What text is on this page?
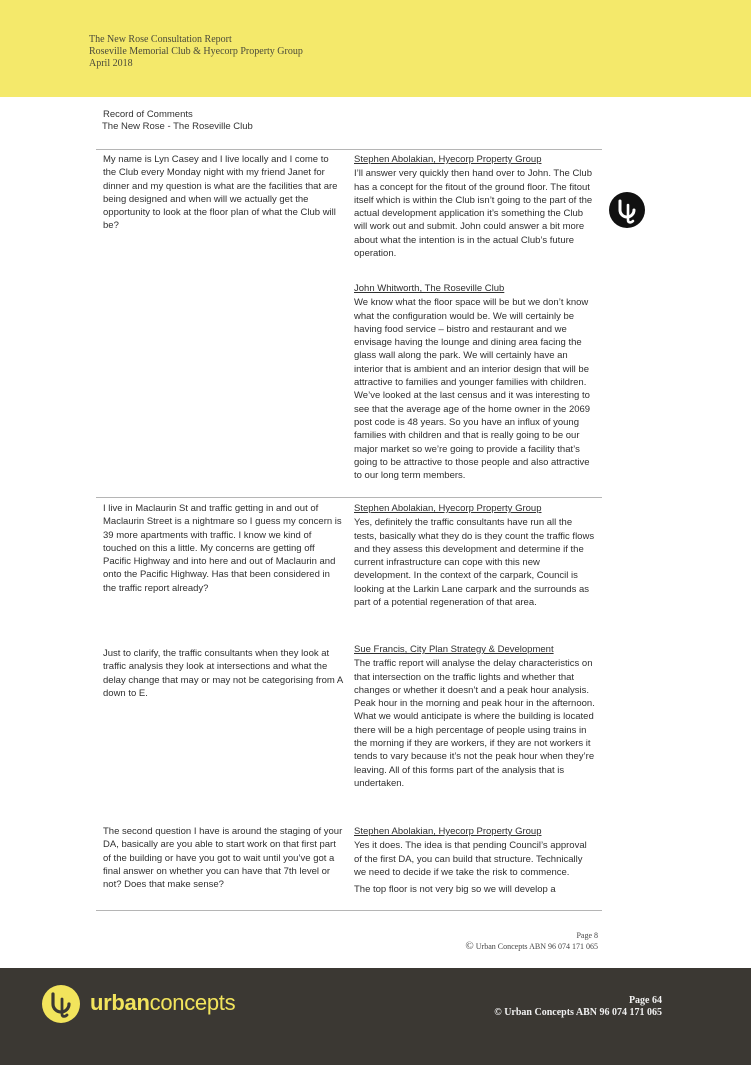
The New Rose Consultation Report
Roseville Memorial Club & Hyecorp Property Group
April 2018
Record of Comments
The New Rose - The Roseville Club
My name is Lyn Casey and I live locally and I come to the Club every Monday night with my friend Janet for dinner and my question is what are the facilities that are being designed and when will we actually get the opportunity to look at the floor plan of what the Club will be?
Stephen Abolakian, Hyecorp Property Group

I’ll answer very quickly then hand over to John. The Club has a concept for the fitout of the ground floor. The fitout itself which is within the Club isn’t going to the part of the actual development application it’s something the Club will work out and submit. John could answer a bit more about what the intention is in the actual Club’s future operation.

John Whitworth, The Roseville Club

We know what the floor space will be but we don’t know what the configuration would be. We will certainly be having food service – bistro and restaurant and we envisage having the lounge and dining area facing the glass wall along the park. We will certainly have an interior that is ambient and an interior design that will be attractive to families and younger families with children. We’ve looked at the last census and it was interesting to see that the average age of the home owner in the 2069 post code is 48 years. So you have an influx of young families with children and that is really going to be our major market so we’re going to provide a facility that’s going to be attractive to those people and also attractive to our long term members.

I live in Maclaurin St and traffic getting in and out of Maclaurin Street is a nightmare so I guess my concern is 39 more apartments with traffic. I know we kind of touched on this a little. My concerns are getting off Pacific Highway and into here and out of Maclaurin and onto the Pacific Highway. Has that been considered in the traffic report already?
Stephen Abolakian, Hyecorp Property Group

Yes, definitely the traffic consultants have run all the tests, basically what they do is they count the traffic flows and they assess this development and determine if the current infrastructure can cope with this new development. In the context of the carpark, Council is looking at the Larkin Lane carpark and the surrounds as part of a potential regeneration of that area.

Just to clarify, the traffic consultants when they look at traffic analysis they look at intersections and what the delay change that may or may not be categorising from A down to E.
Sue Francis, City Plan Strategy & Development

The traffic report will analyse the delay characteristics on that intersection on the traffic lights and whether that changes or whether it doesn’t and a peak hour analysis. Peak hour in the morning and peak hour in the afternoon. What we would anticipate is where the building is located there will be a high percentage of people using trains in the morning if they are workers, if they are not workers it tends to vary because it’s not the peak hour when they’re leaving. All of this forms part of the analysis that is undertaken.

The second question I have is around the staging of your DA, basically are you able to start work on that first part of the building or have you got to wait until you’ve got a final answer on whether you can have that 7th level or not? Does that make sense?
Stephen Abolakian, Hyecorp Property Group

Yes it does. The idea is that pending Council’s approval of the first DA, you can build that structure. Technically we need to decide if we take the risk to commence.

The top floor is not very big so we will develop a

Page 8
© Urban Concepts ABN 96 074 171 065
urbanconcepts	Page 64
© Urban Concepts ABN 96 074 171 065
